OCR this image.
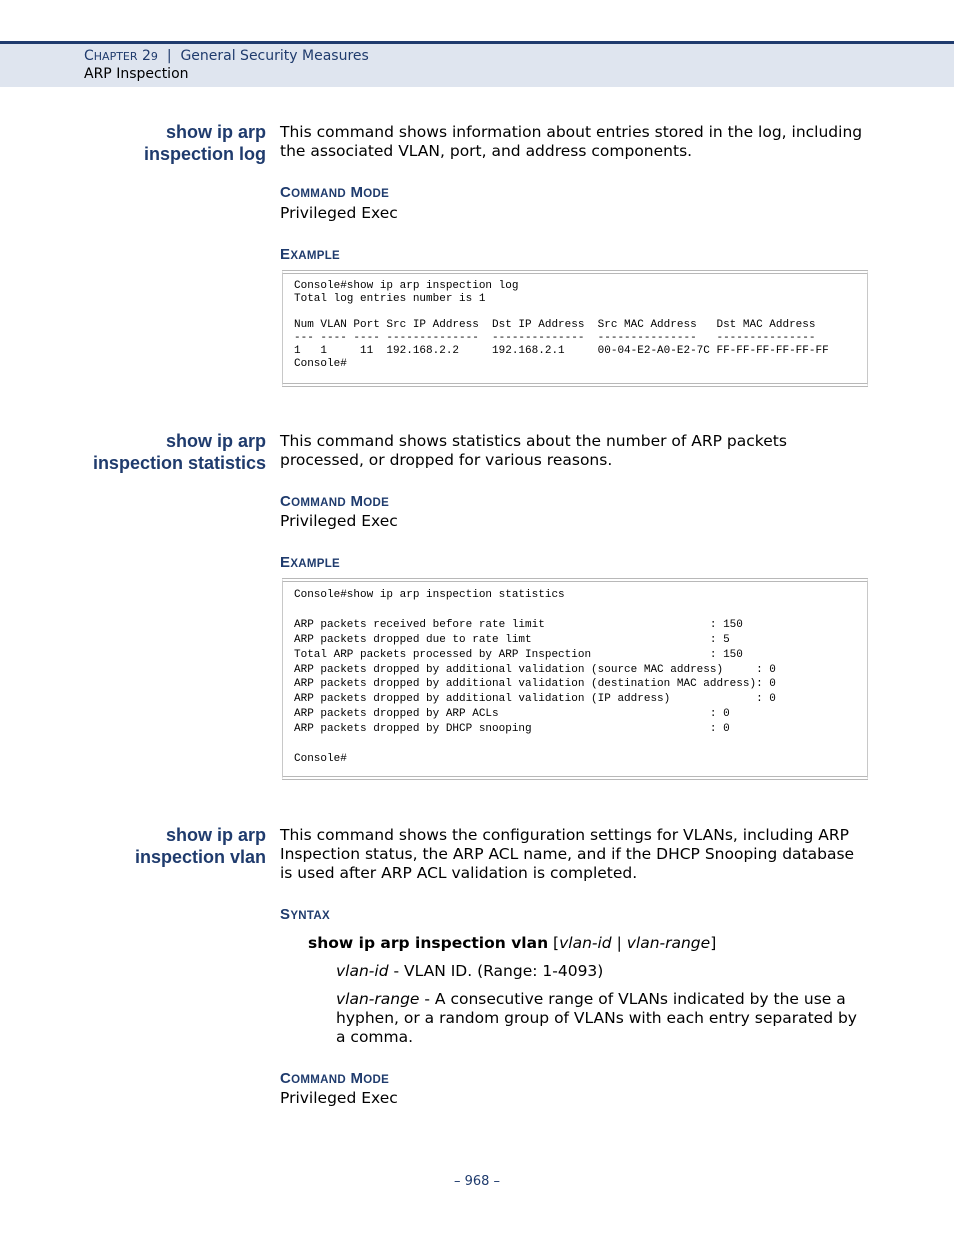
CHAPTER 29 | General Security Measures
ARP Inspection
show ip arp
inspection log
This command shows information about entries stored in the log, including the associated VLAN, port, and address components.
COMMAND MODE
Privileged Exec
EXAMPLE
Console#show ip arp inspection log
Total log entries number is 1

Num VLAN Port Src IP Address  Dst IP Address  Src MAC Address   Dst MAC Address
--- ---- ---- --------------  --------------  ---------------   ---------------
1   1     11  192.168.2.2     192.168.2.1     00-04-E2-A0-E2-7C FF-FF-FF-FF-FF-FF
Console#
show ip arp
inspection statistics
This command shows statistics about the number of ARP packets processed, or dropped for various reasons.
COMMAND MODE
Privileged Exec
EXAMPLE
Console#show ip arp inspection statistics

ARP packets received before rate limit                         : 150
ARP packets dropped due to rate limt                           : 5
Total ARP packets processed by ARP Inspection                  : 150
ARP packets dropped by additional validation (source MAC address)     : 0
ARP packets dropped by additional validation (destination MAC address): 0
ARP packets dropped by additional validation (IP address)             : 0
ARP packets dropped by ARP ACLs                                : 0
ARP packets dropped by DHCP snooping                           : 0

Console#
show ip arp
inspection vlan
This command shows the configuration settings for VLANs, including ARP Inspection status, the ARP ACL name, and if the DHCP Snooping database is used after ARP ACL validation is completed.
SYNTAX
show ip arp inspection vlan [vlan-id | vlan-range]
vlan-id - VLAN ID. (Range: 1-4093)
vlan-range - A consecutive range of VLANs indicated by the use a hyphen, or a random group of VLANs with each entry separated by a comma.
COMMAND MODE
Privileged Exec
– 968 –
